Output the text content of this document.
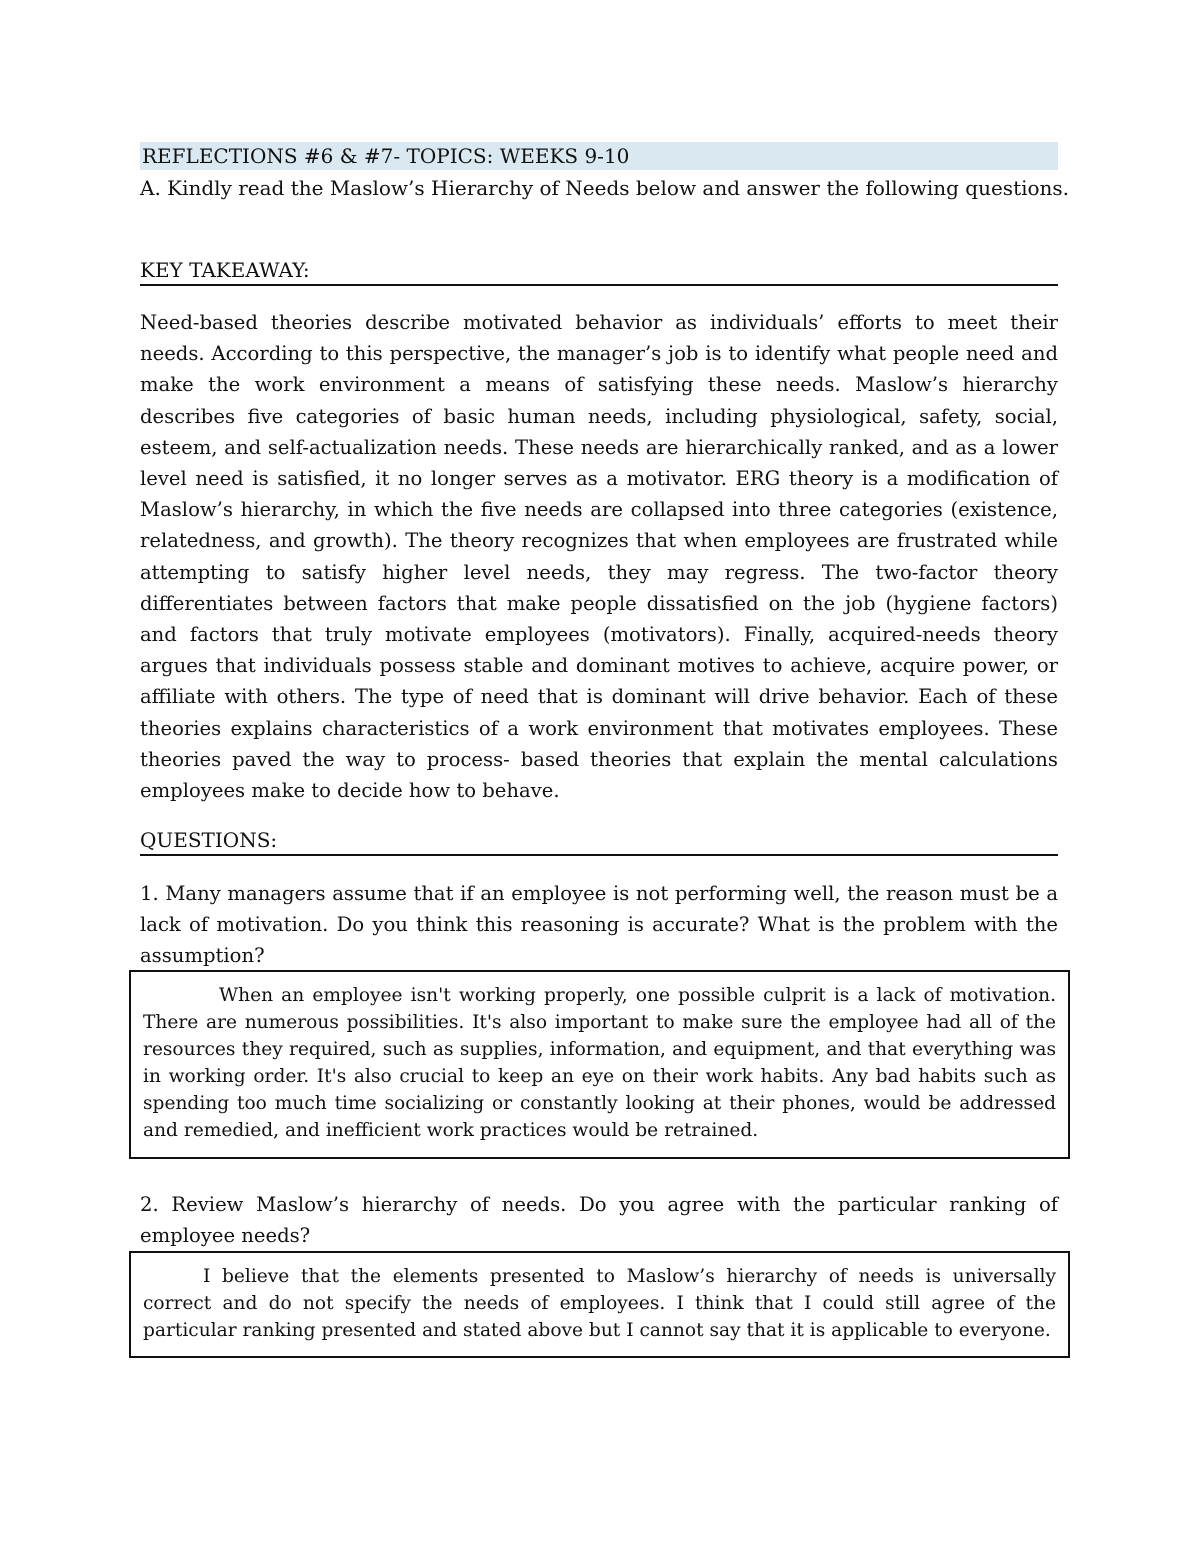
REFLECTIONS #6 & #7- TOPICS: WEEKS 9-10
A. Kindly read the Maslow’s Hierarchy of Needs below and answer the following questions.
KEY TAKEAWAY:

Need-based theories describe motivated behavior as individuals’ efforts to meet their needs. According to this perspective, the manager’s job is to identify what people need and make the work environment a means of satisfying these needs. Maslow’s hierarchy describes five categories of basic human needs, including physiological, safety, social, esteem, and self-actualization needs. These needs are hierarchically ranked, and as a lower level need is satisfied, it no longer serves as a motivator. ERG theory is a modification of Maslow’s hierarchy, in which the five needs are collapsed into three categories (existence, relatedness, and growth). The theory recognizes that when employees are frustrated while attempting to satisfy higher level needs, they may regress. The two-factor theory differentiates between factors that make people dissatisfied on the job (hygiene factors) and factors that truly motivate employees (motivators). Finally, acquired-needs theory argues that individuals possess stable and dominant motives to achieve, acquire power, or affiliate with others. The type of need that is dominant will drive behavior. Each of these theories explains characteristics of a work environment that motivates employees. These theories paved the way to process- based theories that explain the mental calculations employees make to decide how to behave.

QUESTIONS:

1. Many managers assume that if an employee is not performing well, the reason must be a lack of motivation. Do you think this reasoning is accurate? What is the problem with the assumption?

When an employee isn't working properly, one possible culprit is a lack of motivation. There are numerous possibilities. It's also important to make sure the employee had all of the resources they required, such as supplies, information, and equipment, and that everything was in working order. It's also crucial to keep an eye on their work habits. Any bad habits such as spending too much time socializing or constantly looking at their phones, would be addressed and remedied, and inefficient work practices would be retrained.

2. Review Maslow’s hierarchy of needs. Do you agree with the particular ranking of employee needs?

I believe that the elements presented to Maslow’s hierarchy of needs is universally correct and do not specify the needs of employees. I think that I could still agree of the particular ranking presented and stated above but I cannot say that it is applicable to everyone.
